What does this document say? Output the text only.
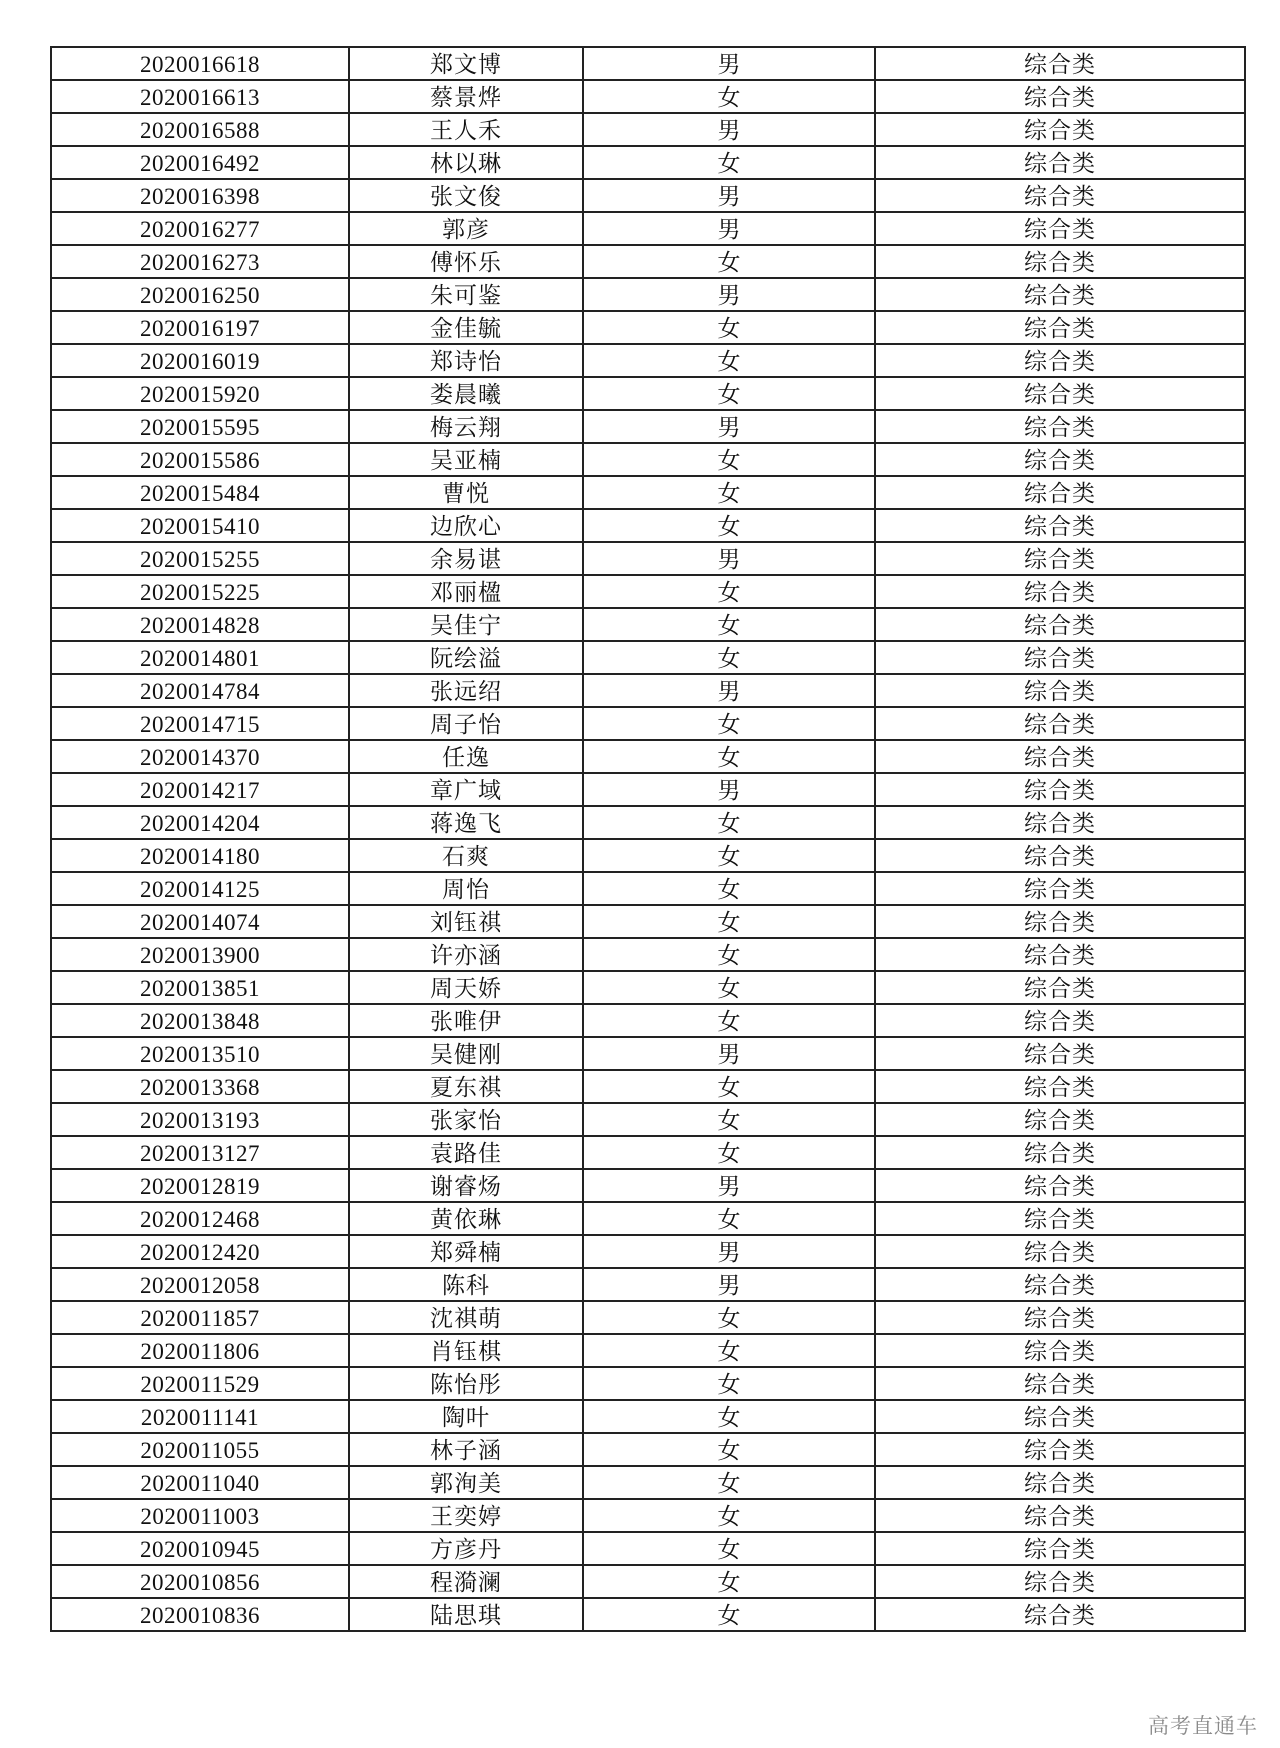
2020016618	郑文博	男	综合类
2020016613	蔡景烨	女	综合类
2020016588	王人禾	男	综合类
2020016492	林以琳	女	综合类
2020016398	张文俊	男	综合类
2020016277	郭彦	男	综合类
2020016273	傅怀乐	女	综合类
2020016250	朱可鉴	男	综合类
2020016197	金佳毓	女	综合类
2020016019	郑诗怡	女	综合类
2020015920	娄晨曦	女	综合类
2020015595	梅云翔	男	综合类
2020015586	吴亚楠	女	综合类
2020015484	曹悦	女	综合类
2020015410	边欣心	女	综合类
2020015255	余易谌	男	综合类
2020015225	邓丽楹	女	综合类
2020014828	吴佳宁	女	综合类
2020014801	阮绘溢	女	综合类
2020014784	张远绍	男	综合类
2020014715	周子怡	女	综合类
2020014370	任逸	女	综合类
2020014217	章广域	男	综合类
2020014204	蒋逸飞	女	综合类
2020014180	石爽	女	综合类
2020014125	周怡	女	综合类
2020014074	刘钰祺	女	综合类
2020013900	许亦涵	女	综合类
2020013851	周天娇	女	综合类
2020013848	张唯伊	女	综合类
2020013510	吴健刚	男	综合类
2020013368	夏东祺	女	综合类
2020013193	张家怡	女	综合类
2020013127	袁路佳	女	综合类
2020012819	谢睿炀	男	综合类
2020012468	黄依琳	女	综合类
2020012420	郑舜楠	男	综合类
2020012058	陈科	男	综合类
2020011857	沈祺萌	女	综合类
2020011806	肖钰棋	女	综合类
2020011529	陈怡彤	女	综合类
2020011141	陶叶	女	综合类
2020011055	林子涵	女	综合类
2020011040	郭洵美	女	综合类
2020011003	王奕婷	女	综合类
2020010945	方彦丹	女	综合类
2020010856	程漪澜	女	综合类
2020010836	陆思琪	女	综合类
高考直通车
